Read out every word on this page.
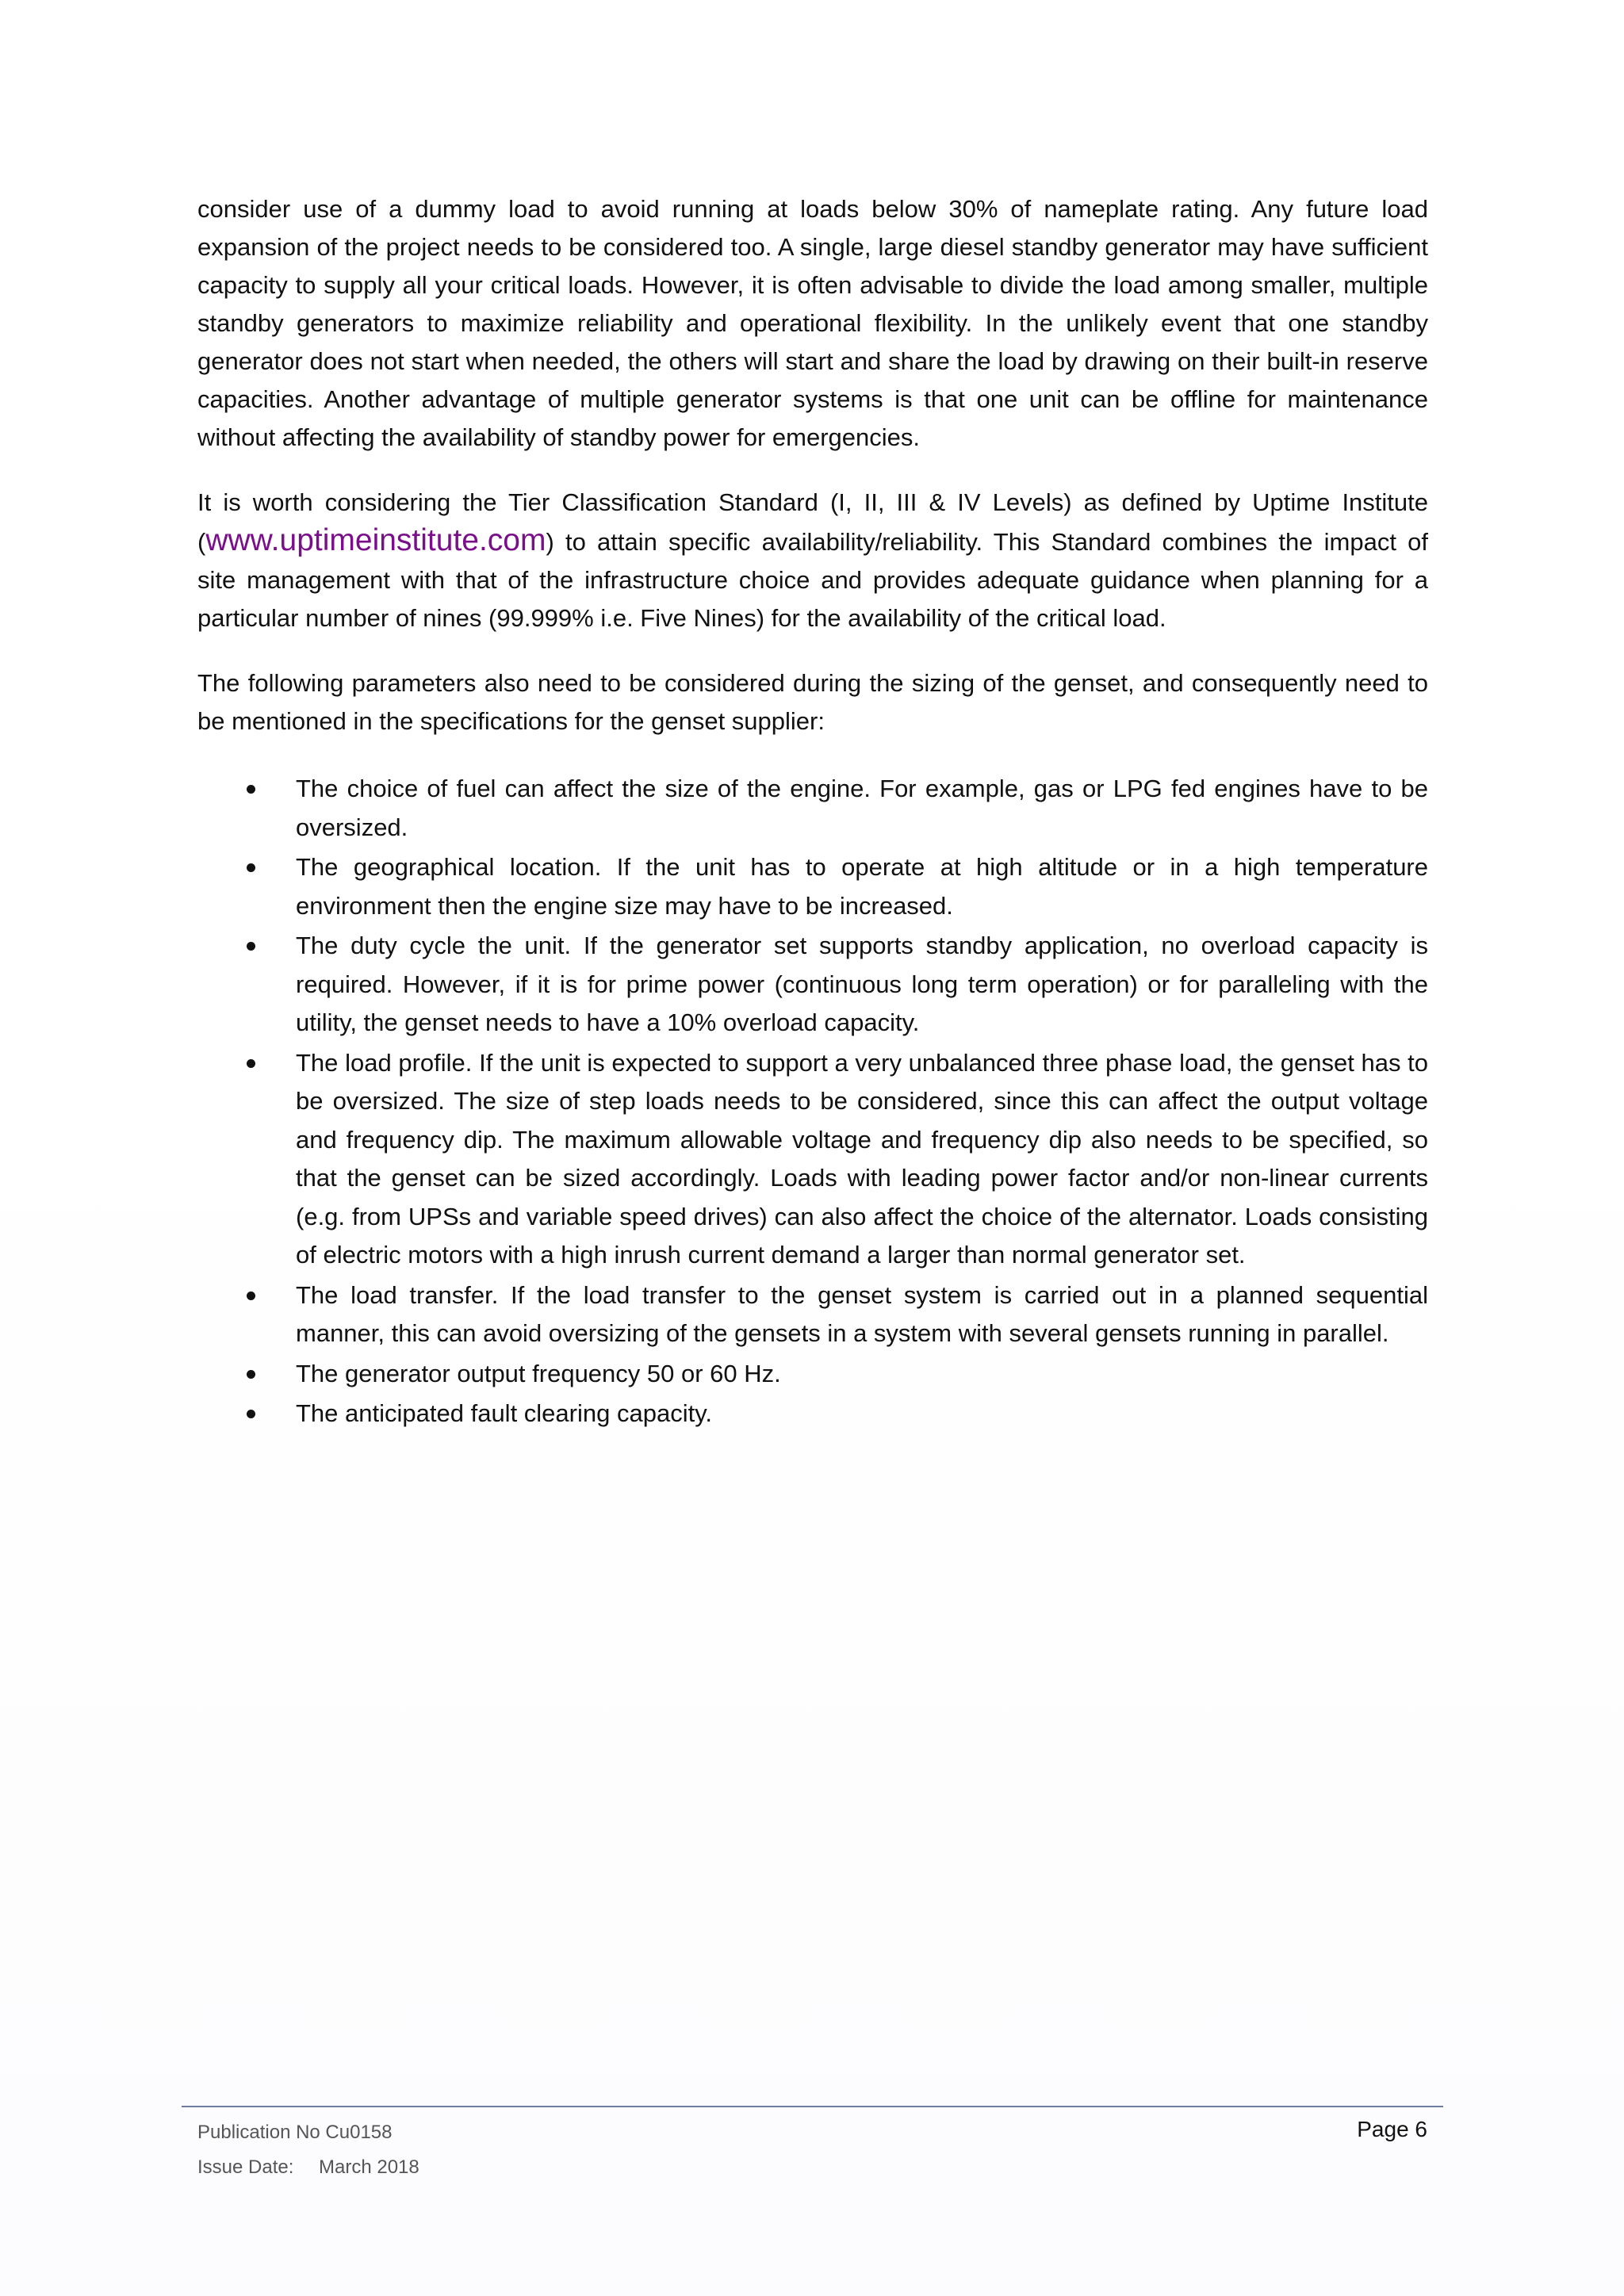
consider use of a dummy load to avoid running at loads below 30% of nameplate rating. Any future load expansion of the project needs to be considered too. A single, large diesel standby generator may have sufficient capacity to supply all your critical loads. However, it is often advisable to divide the load among smaller, multiple standby generators to maximize reliability and operational flexibility. In the unlikely event that one standby generator does not start when needed, the others will start and share the load by drawing on their built-in reserve capacities. Another advantage of multiple generator systems is that one unit can be offline for maintenance without affecting the availability of standby power for emergencies.

It is worth considering the Tier Classification Standard (I, II, III & IV Levels) as defined by Uptime Institute (www.uptimeinstitute.com) to attain specific availability/reliability. This Standard combines the impact of site management with that of the infrastructure choice and provides adequate guidance when planning for a particular number of nines (99.999% i.e. Five Nines) for the availability of the critical load.

The following parameters also need to be considered during the sizing of the genset, and consequently need to be mentioned in the specifications for the genset supplier:

The choice of fuel can affect the size of the engine. For example, gas or LPG fed engines have to be oversized.
The geographical location. If the unit has to operate at high altitude or in a high temperature environment then the engine size may have to be increased.
The duty cycle the unit. If the generator set supports standby application, no overload capacity is required. However, if it is for prime power (continuous long term operation) or for paralleling with the utility, the genset needs to have a 10% overload capacity.
The load profile. If the unit is expected to support a very unbalanced three phase load, the genset has to be oversized. The size of step loads needs to be considered, since this can affect the output voltage and frequency dip. The maximum allowable voltage and frequency dip also needs to be specified, so that the genset can be sized accordingly. Loads with leading power factor and/or non-linear currents (e.g. from UPSs and variable speed drives) can also affect the choice of the alternator. Loads consisting of electric motors with a high inrush current demand a larger than normal generator set.
The load transfer. If the load transfer to the genset system is carried out in a planned sequential manner, this can avoid oversizing of the gensets in a system with several gensets running in parallel.
The generator output frequency 50 or 60 Hz.
The anticipated fault clearing capacity.
Publication No Cu0158
Issue Date: March 2018
Page 6
